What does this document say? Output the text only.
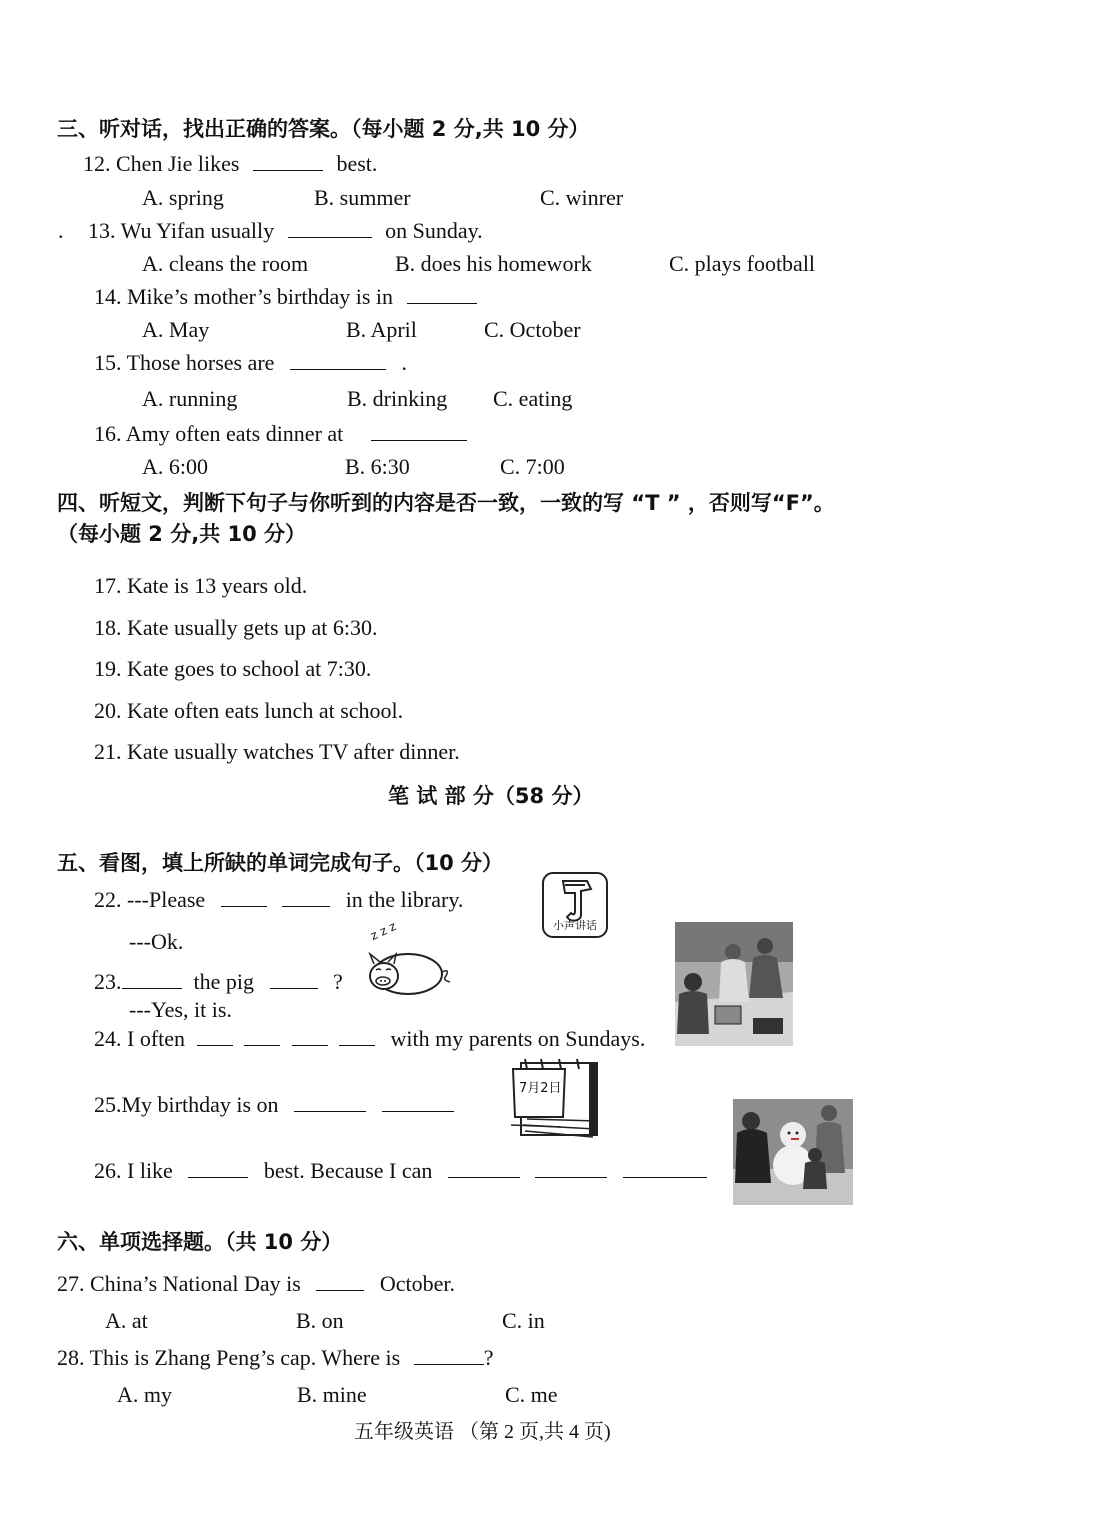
三、听对话，找出正确的答案。（每小题 2 分,共 10 分）
12. Chen Jie likes	best.
A. spring	B. summer	C. winrer
. 13. Wu Yifan usually	on Sunday.
A. cleans the room	B. does his homework	C. plays football
14. Mike’s mother’s birthday is in
A. May	B. April	C. October
15. Those horses are	.
A. running	B. drinking C. eating
16. Amy often eats dinner at
A. 6:00	B. 6:30	C. 7:00
四、听短文，判断下句子与你听到的内容是否一致，一致的写 “T ” ，否则写“F”。
（每小题 2 分,共 10 分）
17. Kate is 13 years old.
18. Kate usually gets up at 6:30.
19. Kate goes to school at 7:30.
20. Kate often eats lunch at school.
21. Kate usually watches TV after dinner.
笔 试 部 分（58 分）
五、看图，填上所缺的单词完成句子。（10 分）
22. ---Please	in the library.
---Ok.
23.	the pig	?
---Yes, it is.
24. I often	with my parents on Sundays.
25.My birthday is on
26. I like	best. Because I can
小声讲话
z z z
7月2日
六、单项选择题。（共 10 分）
27. China’s National Day is	October.
A. at	B. on	C. in
28. This is Zhang Peng’s cap. Where is	?
A. my	B. mine	C. me
五年级英语 （第 2 页,共 4 页)
